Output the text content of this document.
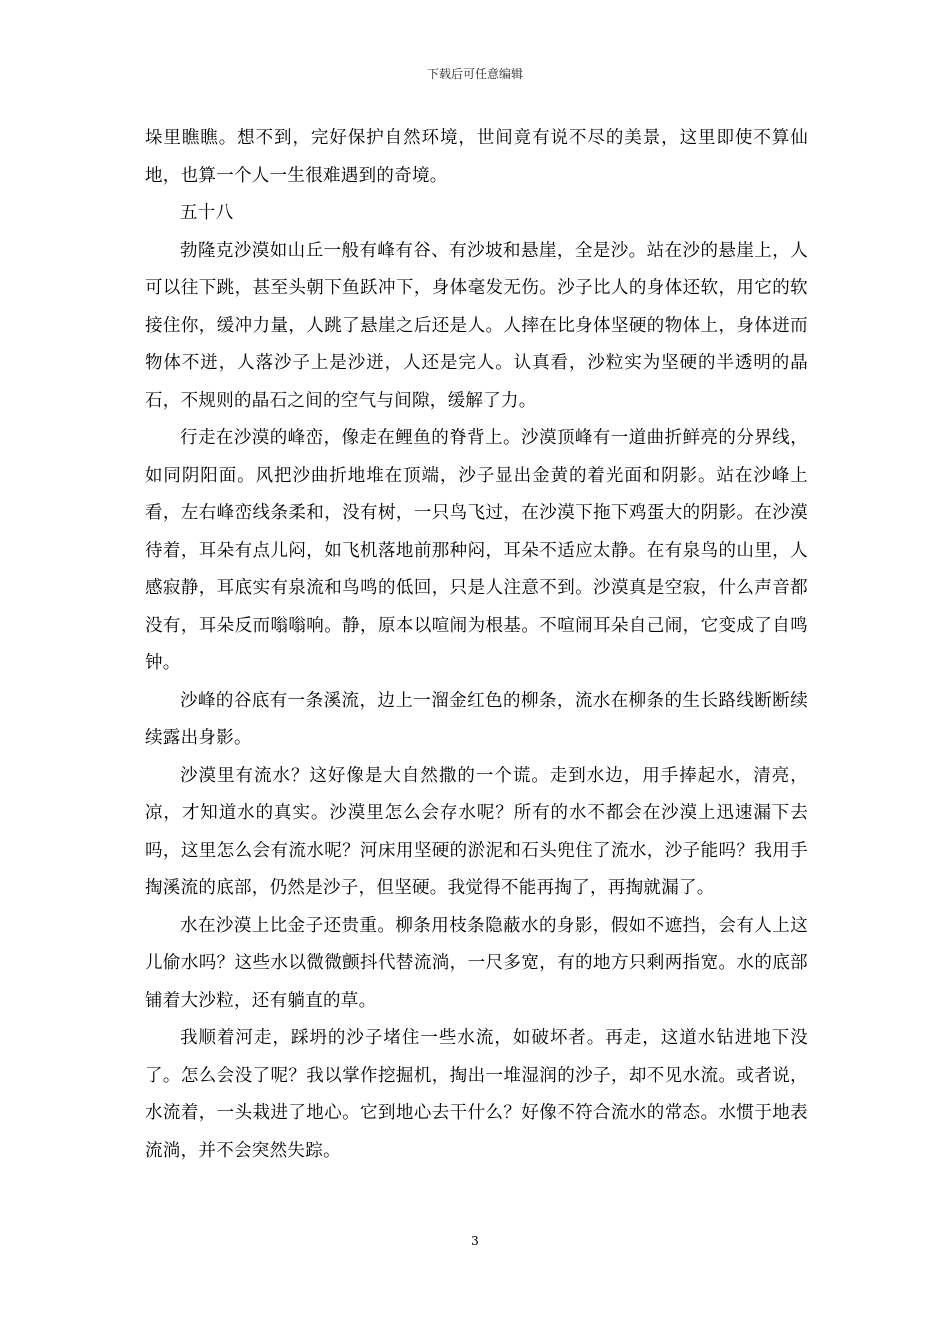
下载后可任意编辑

垛里瞧瞧。想不到，完好保护自然环境，世间竟有说不尽的美景，这里即使不算仙地，也算一个人一生很难遇到的奇境。

五十八

勃隆克沙漠如山丘一般有峰有谷、有沙坡和悬崖，全是沙。站在沙的悬崖上，人可以往下跳，甚至头朝下鱼跃冲下，身体毫发无伤。沙子比人的身体还软，用它的软接住你，缓冲力量，人跳了悬崖之后还是人。人摔在比身体坚硬的物体上，身体迸而物体不迸，人落沙子上是沙迸，人还是完人。认真看，沙粒实为坚硬的半透明的晶石，不规则的晶石之间的空气与间隙，缓解了力。

行走在沙漠的峰峦，像走在鲤鱼的脊背上。沙漠顶峰有一道曲折鲜亮的分界线，如同阴阳面。风把沙曲折地堆在顶端，沙子显出金黄的着光面和阴影。站在沙峰上看，左右峰峦线条柔和，没有树，一只鸟飞过，在沙漠下拖下鸡蛋大的阴影。在沙漠待着，耳朵有点儿闷，如飞机落地前那种闷，耳朵不适应太静。在有泉鸟的山里，人感寂静，耳底实有泉流和鸟鸣的低回，只是人注意不到。沙漠真是空寂，什么声音都没有，耳朵反而嗡嗡响。静，原本以喧闹为根基。不喧闹耳朵自己闹，它变成了自鸣钟。

沙峰的谷底有一条溪流，边上一溜金红色的柳条，流水在柳条的生长路线断断续续露出身影。

沙漠里有流水？这好像是大自然撒的一个谎。走到水边，用手捧起水，清亮，凉，才知道水的真实。沙漠里怎么会存水呢？所有的水不都会在沙漠上迅速漏下去吗，这里怎么会有流水呢？河床用坚硬的淤泥和石头兜住了流水，沙子能吗？我用手掏溪流的底部，仍然是沙子，但坚硬。我觉得不能再掏了，再掏就漏了。

水在沙漠上比金子还贵重。柳条用枝条隐蔽水的身影，假如不遮挡，会有人上这儿偷水吗？这些水以微微颤抖代替流淌，一尺多宽，有的地方只剩两指宽。水的底部铺着大沙粒，还有躺直的草。

我顺着河走，踩坍的沙子堵住一些水流，如破坏者。再走，这道水钻进地下没了。怎么会没了呢？我以掌作挖掘机，掏出一堆湿润的沙子，却不见水流。或者说，水流着，一头栽进了地心。它到地心去干什么？好像不符合流水的常态。水惯于地表流淌，并不会突然失踪。

3
